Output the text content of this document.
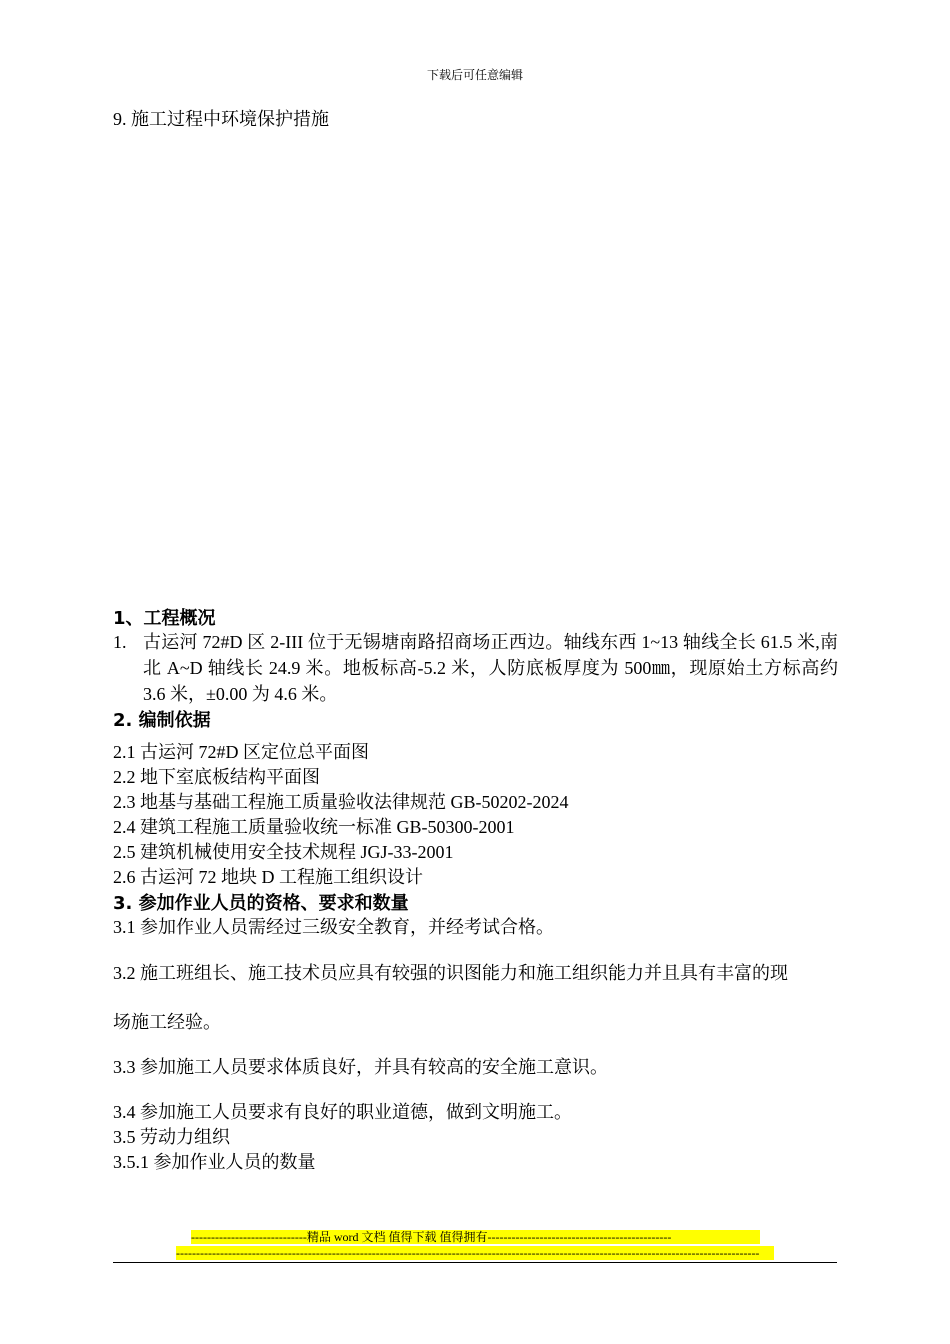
下载后可任意编辑
9. 施工过程中环境保护措施
1、工程概况
1. 古运河 72#D 区 2-III 位于无锡塘南路招商场正西边。轴线东西 1~13 轴线全长 61.5 米,南北 A~D 轴线长 24.9 米。地板标高-5.2 米，人防底板厚度为 500㎜，现原始土方标高约 3.6 米，±0.00 为 4.6 米。
2. 编制依据
2.1 古运河 72#D 区定位总平面图
2.2 地下室底板结构平面图
2.3 地基与基础工程施工质量验收法律规范 GB-50202-2024
2.4 建筑工程施工质量验收统一标准 GB-50300-2001
2.5 建筑机械使用安全技术规程 JGJ-33-2001
2.6 古运河 72 地块 D 工程施工组织设计
3. 参加作业人员的资格、要求和数量
3.1 参加作业人员需经过三级安全教育，并经考试合格。
3.2 施工班组长、施工技术员应具有较强的识图能力和施工组织能力并且具有丰富的现
场施工经验。
3.3 参加施工人员要求体质良好，并具有较高的安全施工意识。
3.4 参加施工人员要求有良好的职业道德，做到文明施工。
3.5 劳动力组织
3.5.1 参加作业人员的数量
-----------------------------精品 word 文档 值得下载 值得拥有----------------------------------------------
--------------------------------------------------------------------------------------------------------------------------------------------------
